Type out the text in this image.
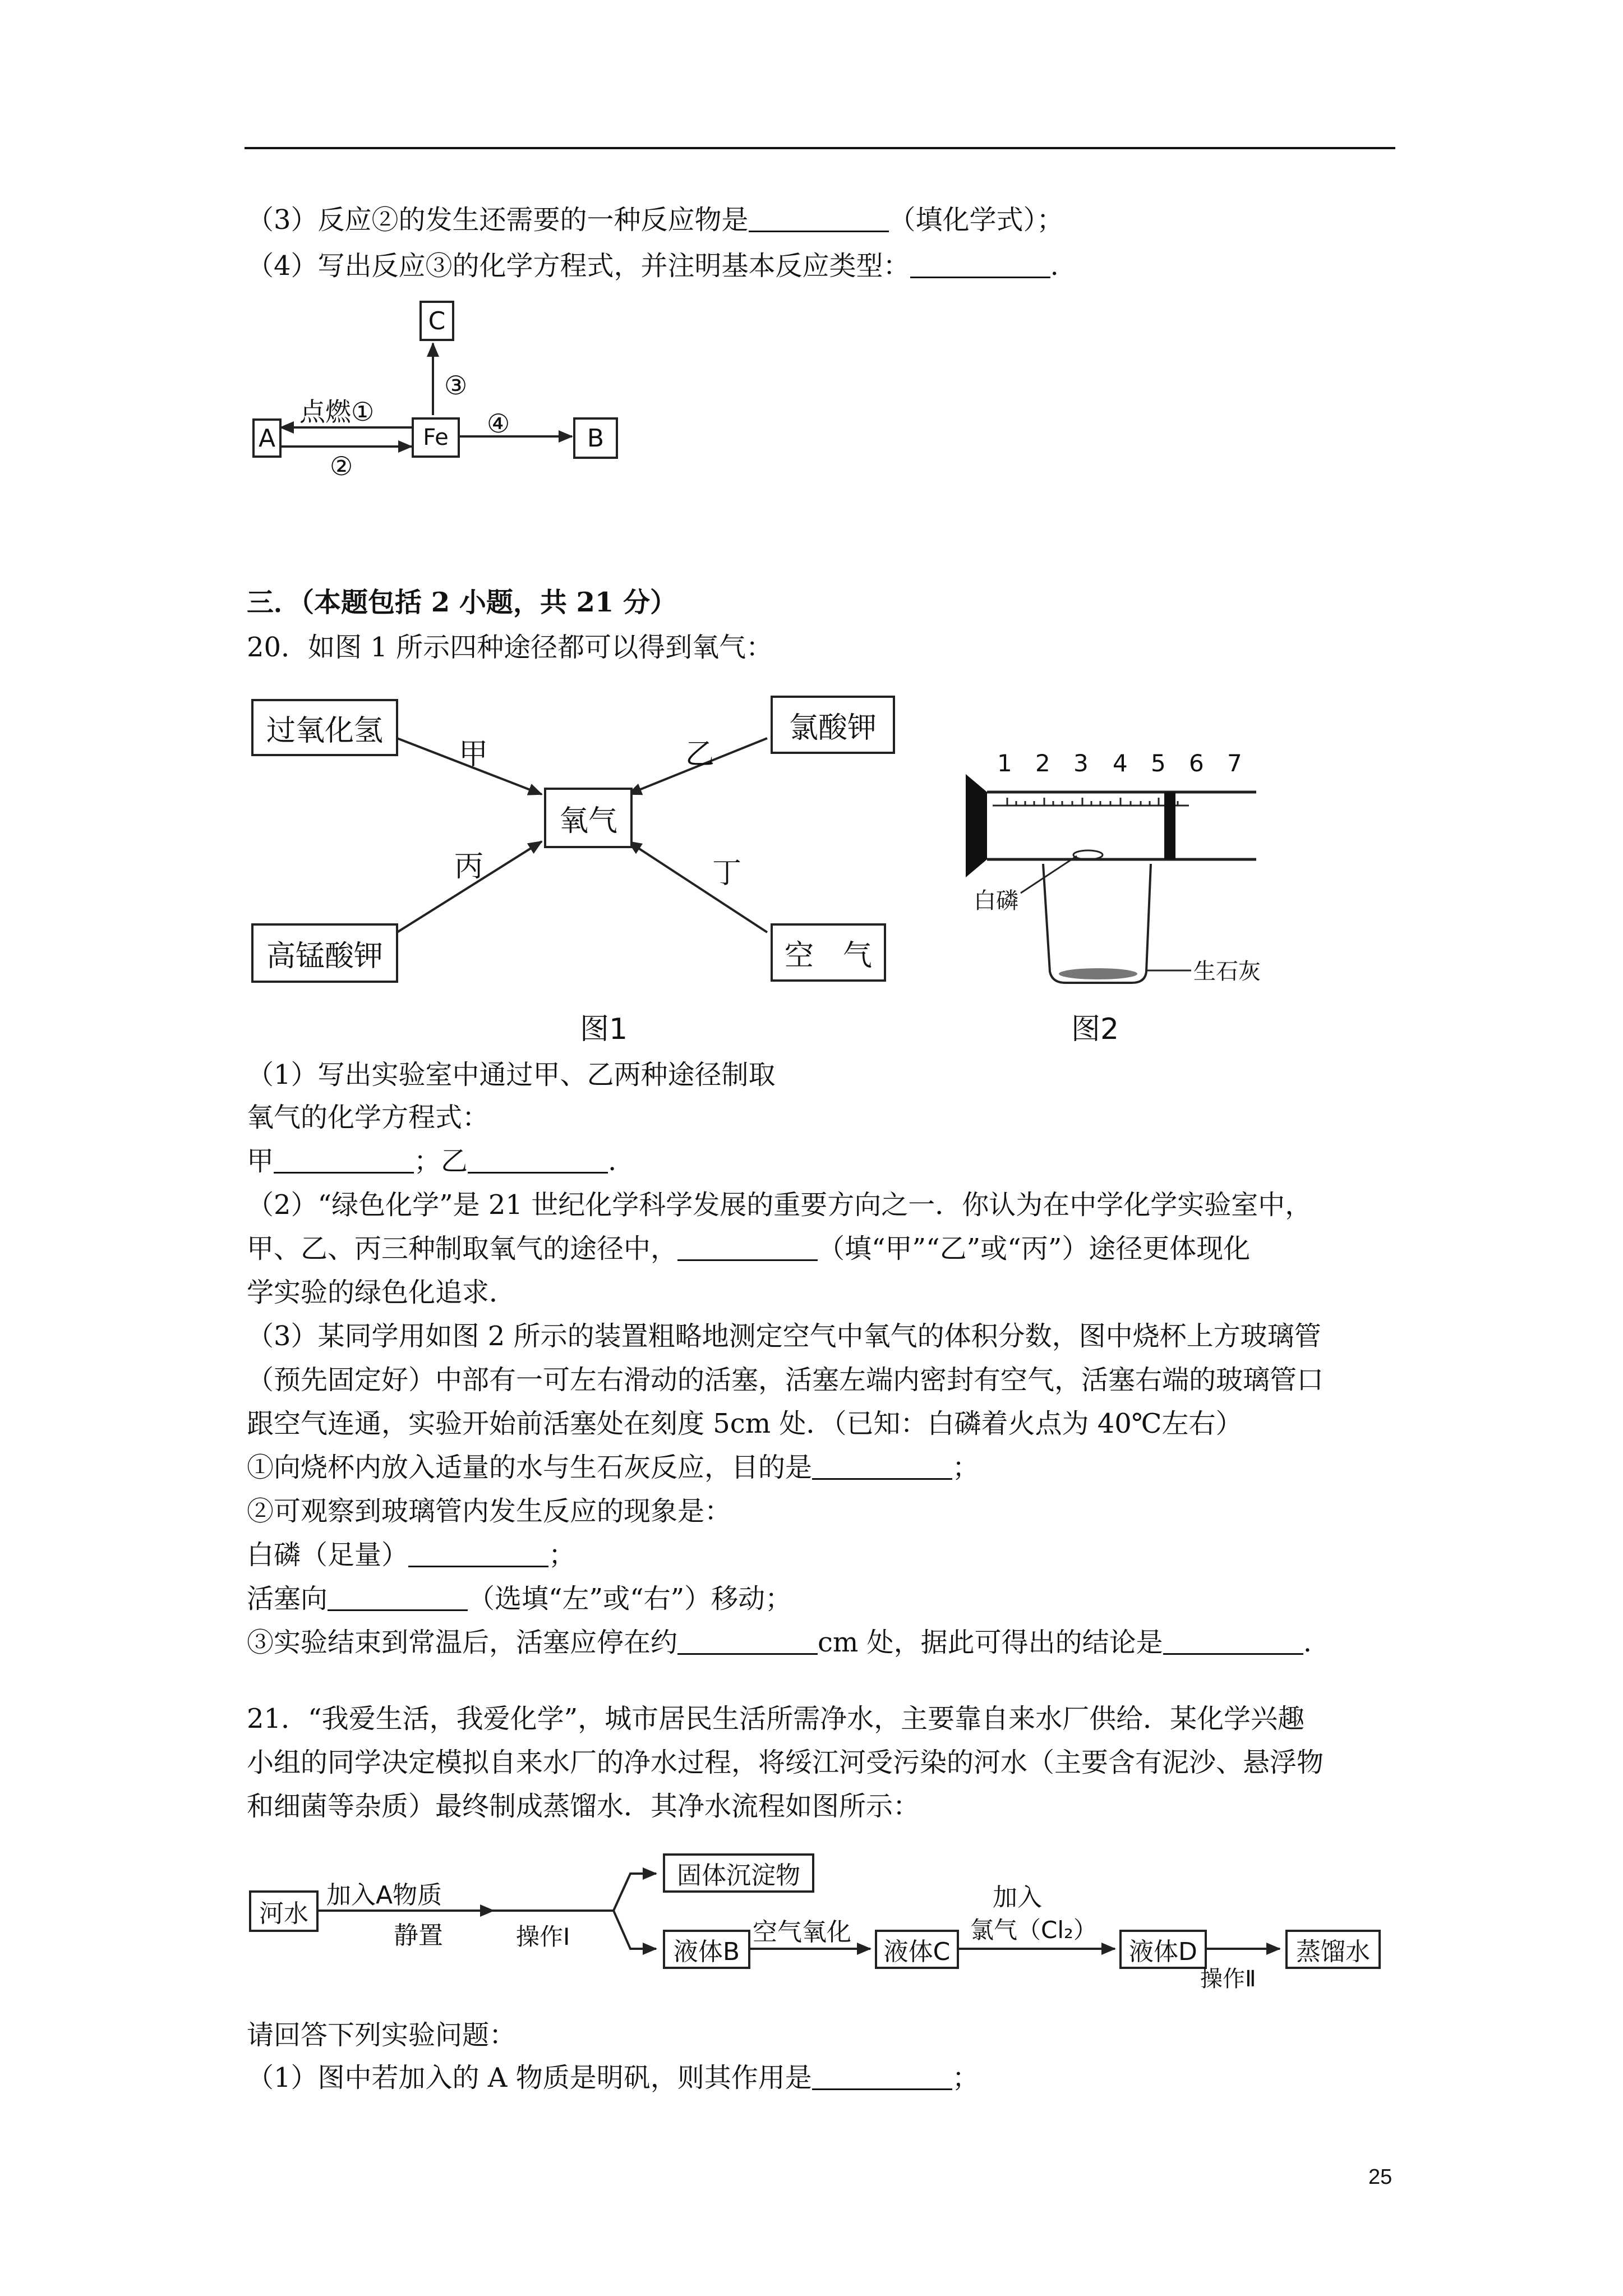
（3）反应②的发生还需要的一种反应物是	（填化学式）；
（4）写出反应③的化学方程式，并注明基本反应类型：	.
C
A	Fe	B
点燃①
②
③
④
三．（本题包括 2 小题，共 21 分）
20．如图 1 所示四种途径都可以得到氧气：
过氧化氢	氯酸钾
氧气
高锰酸钾	空　气
甲	乙
丙	丁
图1
1 2 3 4 5 6 7
白磷
生石灰
图2
（1）写出实验室中通过甲、乙两种途径制取
氧气的化学方程式：
甲	；乙	.
（2）“绿色化学”是 21 世纪化学科学发展的重要方向之一．你认为在中学化学实验室中，
甲、乙、丙三种制取氧气的途径中，	（填“甲”“乙”或“丙”）途径更体现化
学实验的绿色化追求．
（3）某同学用如图 2 所示的装置粗略地测定空气中氧气的体积分数，图中烧杯上方玻璃管
（预先固定好）中部有一可左右滑动的活塞，活塞左端内密封有空气，活塞右端的玻璃管口
跟空气连通，实验开始前活塞处在刻度 5cm 处．（已知：白磷着火点为 40℃左右）
①向烧杯内放入适量的水与生石灰反应，目的是	；
②可观察到玻璃管内发生反应的现象是：
白磷（足量）	；
活塞向	（选填“左”或“右”）移动；
③实验结束到常温后，活塞应停在约	cm 处，据此可得出的结论是	.
21．“我爱生活，我爱化学”，城市居民生活所需净水，主要靠自来水厂供给．某化学兴趣
小组的同学决定模拟自来水厂的净水过程，将绥江河受污染的河水（主要含有泥沙、悬浮物
和细菌等杂质）最终制成蒸馏水．其净水流程如图所示：
河水
固体沉淀物
液体B	液体C	液体D	蒸馏水
加入A物质
静置	操作Ⅰ	空气氧化
加入
氯气（Cl₂）
操作Ⅱ
请回答下列实验问题：
（1）图中若加入的 A 物质是明矾，则其作用是	；
25
